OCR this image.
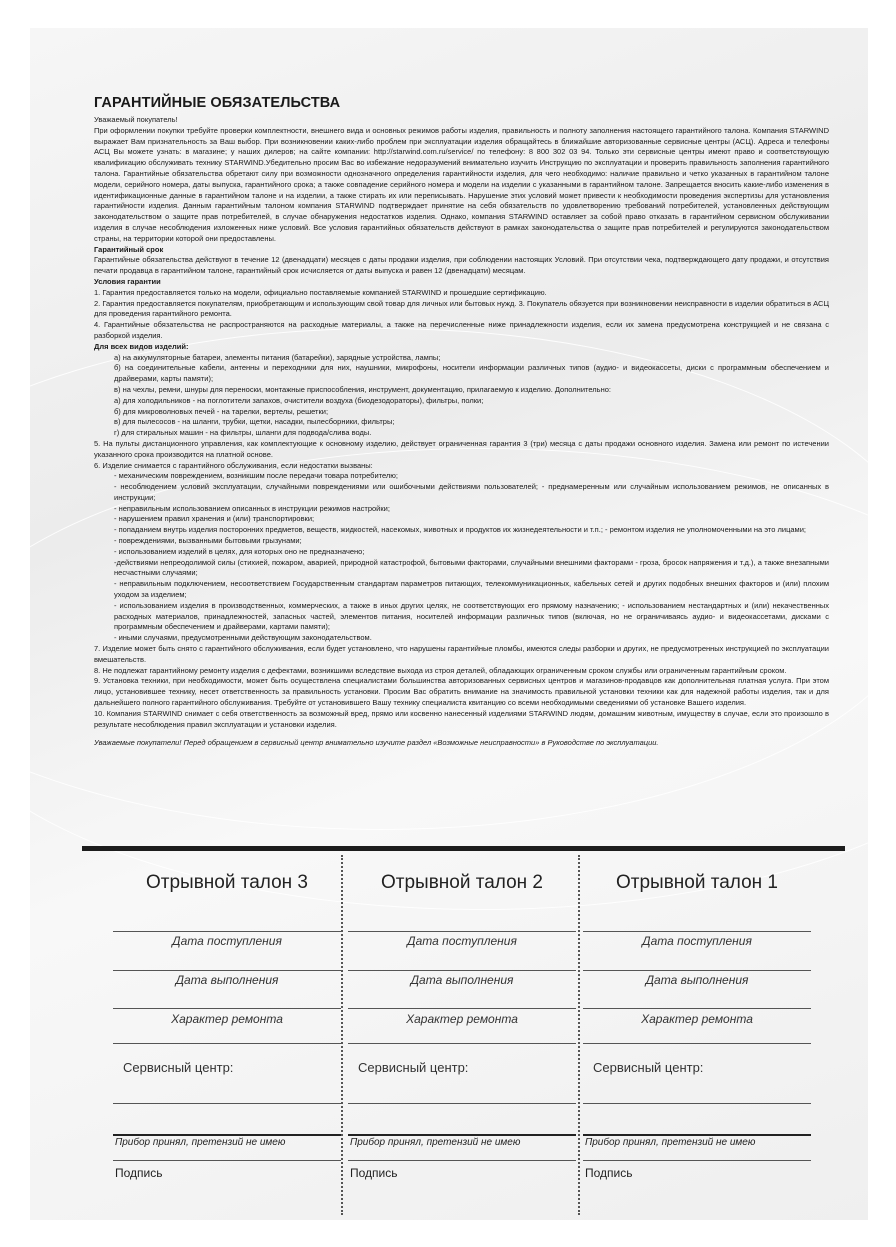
ГАРАНТИЙНЫЕ ОБЯЗАТЕЛЬСТВА

Уважаемый покупатель!

При оформлении покупки требуйте проверки комплектности, внешнего вида и основных режимов работы изделия, правильность и полноту заполнения настоящего гарантийного талона. Компания STARWIND выражает Вам признательность за Ваш выбор. При возникновении каких-либо проблем при эксплуатации изделия обращайтесь в ближайшие авторизованные сервисные центры (АСЦ). Адреса и телефоны АСЦ Вы можете узнать: в магазине; у наших дилеров; на сайте компании: http://starwind.com.ru/service/ по телефону: 8 800 302 03 94. Только эти сервисные центры имеют право и соответствующую квалификацию обслуживать технику STARWIND.Убедительно просим Вас во избежание недоразумений внимательно изучить Инструкцию по эксплуатации и проверить правильность заполнения гарантийного талона. Гарантийные обязательства обретают силу при возможности однозначного определения гарантийности изделия, для чего необходимо: наличие правильно и четко указанных в гарантийном талоне модели, серийного номера, даты выпуска, гарантийного срока; а также совпадение серийного номера и модели на изделии с указанными в гарантийном талоне. Запрещается вносить какие-либо изменения в идентификационные данные в гарантийном талоне и на изделии, а также стирать их или переписывать. Нарушение этих условий может привести к необходимости проведения экспертизы для установления гарантийности изделия. Данным гарантийным талоном компания STARWIND подтверждает принятие на себя обязательств по удовлетворению требований потребителей, установленных действующим законодательством о защите прав потребителей, в случае обнаружения недостатков изделия. Однако, компания STARWIND оставляет за собой право отказать в гарантийном сервисном обслуживании изделия в случае несоблюдения изложенных ниже условий. Все условия гарантийных обязательств действуют в рамках законодательства о защите прав потребителей и регулируются законодательством страны, на территории которой они предоставлены.

Гарантийный срок

Гарантийные обязательства действуют в течение 12 (двенадцати) месяцев с даты продажи изделия, при соблюдении настоящих Условий. При отсутствии чека, подтверждающего дату продажи, и отсутствия печати продавца в гарантийном талоне, гарантийный срок исчисляется от даты выпуска и равен 12 (двенадцати) месяцам.

Условия гарантии

1. Гарантия предоставляется только на модели, официально поставляемые компанией STARWIND и прошедшие сертификацию.

2. Гарантия предоставляется покупателям, приобретающим и использующим свой товар для личных или бытовых нужд. 3. Покупатель обязуется при возникновении неисправности в изделии обратиться в АСЦ для проведения гарантийного ремонта.

4. Гарантийные обязательства не распространяются на расходные материалы, а также на перечисленные ниже принадлежности изделия, если их замена предусмотрена конструкцией и не связана с разборкой изделия.

Для всех видов изделий:

а) на аккумуляторные батареи, элементы питания (батарейки), зарядные устройства, лампы;

б) на соединительные кабели, антенны и переходники для них, наушники, микрофоны, носители информации различных типов (аудио- и видеокассеты, диски с программным обеспечением и драйверами, карты памяти);

в) на чехлы, ремни, шнуры для переноски, монтажные приспособления, инструмент, документацию, прилагаемую к изделию. Дополнительно:

а) для холодильников - на поглотители запахов, очистители воздуха (биодезодораторы), фильтры, полки;

б) для микроволновых печей - на тарелки, вертелы, решетки;

в) для пылесосов - на шланги, трубки, щетки, насадки, пылесборники, фильтры;

г) для стиральных машин - на фильтры, шланги для подвода/слива воды.

5. На пульты дистанционного управления, как комплектующие к основному изделию, действует ограниченная гарантия 3 (три) месяца с даты продажи основного изделия. Замена или ремонт по истечении указанного срока производится на платной основе.

6. Изделие снимается с гарантийного обслуживания, если недостатки вызваны:

- механическим повреждением, возникшим после передачи товара потребителю;

- несоблюдением условий эксплуатации, случайными повреждениями или ошибочными действиями пользователей; - преднамеренным или случайным использованием режимов, не описанных в инструкции;

- неправильным использованием описанных в инструкции режимов настройки;

- нарушением правил хранения и (или) транспортировки;

- попаданием внутрь изделия посторонних предметов, веществ, жидкостей, насекомых, животных и продуктов их жизнедеятельности и т.п.; - ремонтом изделия не уполномоченными на это лицами;

- повреждениями, вызванными бытовыми грызунами;

- использованием изделий в целях, для которых оно не предназначено;

-действиями непреодолимой силы (стихией, пожаром, аварией, природной катастрофой, бытовыми факторами, случайными внешними факторами - гроза, бросок напряжения и т.д.), а также внезапными несчастными случаями;

- неправильным подключением, несоответствием Государственным стандартам параметров питающих, телекоммуникационных, кабельных сетей и других подобных внешних факторов и (или) плохим уходом за изделием;

- использованием изделия в производственных, коммерческих, а также в иных других целях, не соответствующих его прямому назначению; - использованием нестандартных и (или) некачественных расходных материалов, принадлежностей, запасных частей, элементов питания, носителей информации различных типов (включая, но не ограничиваясь аудио- и видеокассетами, дисками с программным обеспечением и драйверами, картами памяти);

- иными случаями, предусмотренными действующим законодательством.

7. Изделие может быть снято с гарантийного обслуживания, если будет установлено, что нарушены гарантийные пломбы, имеются следы разборки и других, не предусмотренных инструкцией по эксплуатации вмешательств.

8. Не подлежат гарантийному ремонту изделия с дефектами, возникшими вследствие выхода из строя деталей, обладающих ограниченным сроком службы или ограниченным гарантийным сроком.

9. Установка техники, при необходимости, может быть осуществлена специалистами большинства авторизованных сервисных центров и магазинов-продавцов как дополнительная платная услуга. При этом лицо, установившее технику, несет ответственность за правильность установки. Просим Вас обратить внимание на значимость правильной установки техники как для надежной работы изделия, так и для дальнейшего полного гарантийного обслуживания. Требуйте от установившего Вашу технику специалиста квитанцию со всеми необходимыми сведениями об установке Вашего изделия.

10. Компания STARWIND снимает с себя ответственность за возможный вред, прямо или косвенно нанесенный изделиями STARWIND людям, домашним животным, имуществу в случае, если это произошло в результате несоблюдения правил эксплуатации и установки изделия.

Уважаемые покупатели! Перед обращением в сервисный центр внимательно изучите раздел «Возможные неисправности» в Руководстве по эксплуатации.

Отрывной талон 3
Дата поступления
Дата выполнения
Характер ремонта
Сервисный центр:
Прибор принял, претензий не имею
Подпись
Отрывной талон 2
Дата поступления
Дата выполнения
Характер ремонта
Сервисный центр:
Прибор принял, претензий не имею
Подпись
Отрывной талон 1
Дата поступления
Дата выполнения
Характер ремонта
Сервисный центр:
Прибор принял, претензий не имею
Подпись
